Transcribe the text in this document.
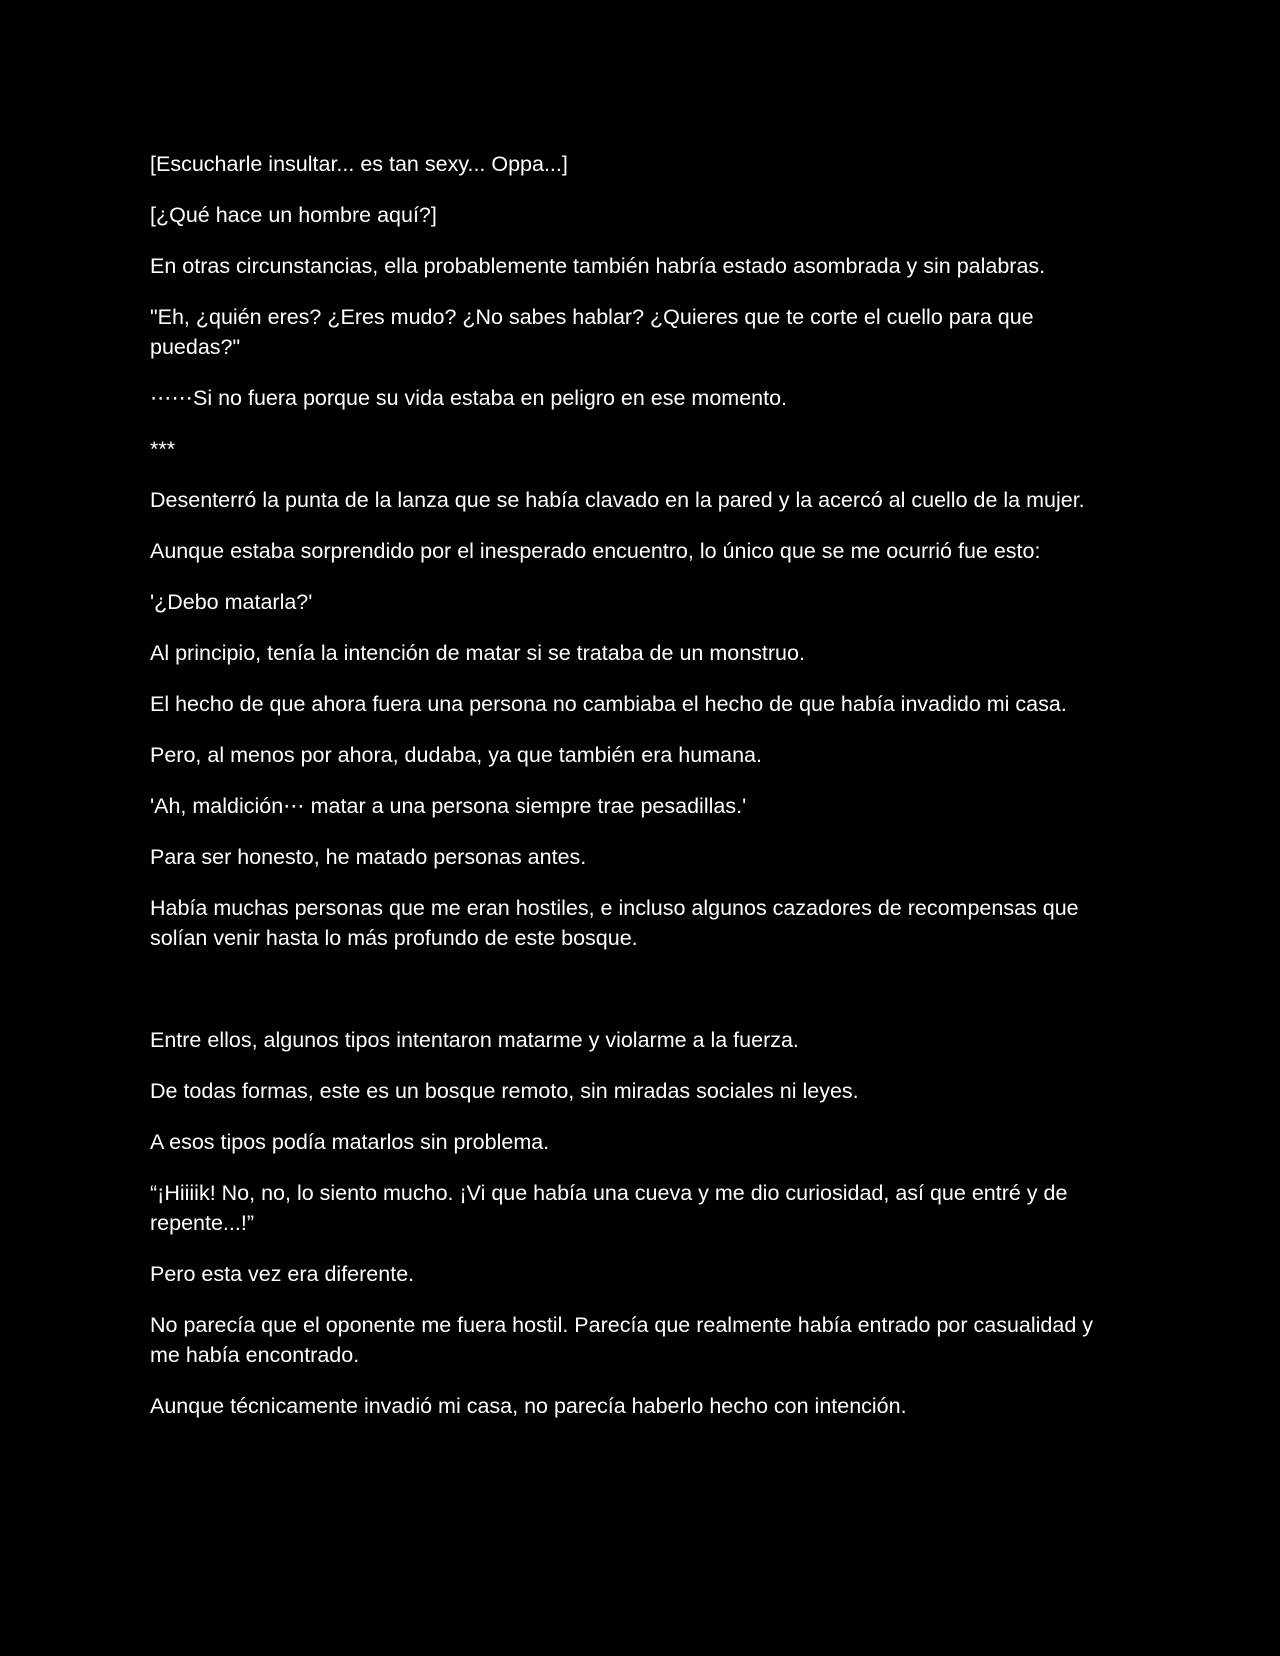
[Escucharle insultar... es tan sexy... Oppa...]

[¿Qué hace un hombre aquí?]

En otras circunstancias, ella probablemente también habría estado asombrada y sin palabras.

"Eh, ¿quién eres? ¿Eres mudo? ¿No sabes hablar? ¿Quieres que te corte el cuello para que puedas?"

⋯⋯Si no fuera porque su vida estaba en peligro en ese momento.

***

Desenterró la punta de la lanza que se había clavado en la pared y la acercó al cuello de la mujer.

Aunque estaba sorprendido por el inesperado encuentro, lo único que se me ocurrió fue esto:

'¿Debo matarla?'

Al principio, tenía la intención de matar si se trataba de un monstruo.

El hecho de que ahora fuera una persona no cambiaba el hecho de que había invadido mi casa.

Pero, al menos por ahora, dudaba, ya que también era humana.

'Ah, maldición⋯ matar a una persona siempre trae pesadillas.'

Para ser honesto, he matado personas antes.

Había muchas personas que me eran hostiles, e incluso algunos cazadores de recompensas que solían venir hasta lo más profundo de este bosque.

Entre ellos, algunos tipos intentaron matarme y violarme a la fuerza.

De todas formas, este es un bosque remoto, sin miradas sociales ni leyes.

A esos tipos podía matarlos sin problema.

“¡Hiiiik! No, no, lo siento mucho. ¡Vi que había una cueva y me dio curiosidad, así que entré y de repente...!”

Pero esta vez era diferente.

No parecía que el oponente me fuera hostil. Parecía que realmente había entrado por casualidad y me había encontrado.

Aunque técnicamente invadió mi casa, no parecía haberlo hecho con intención.
